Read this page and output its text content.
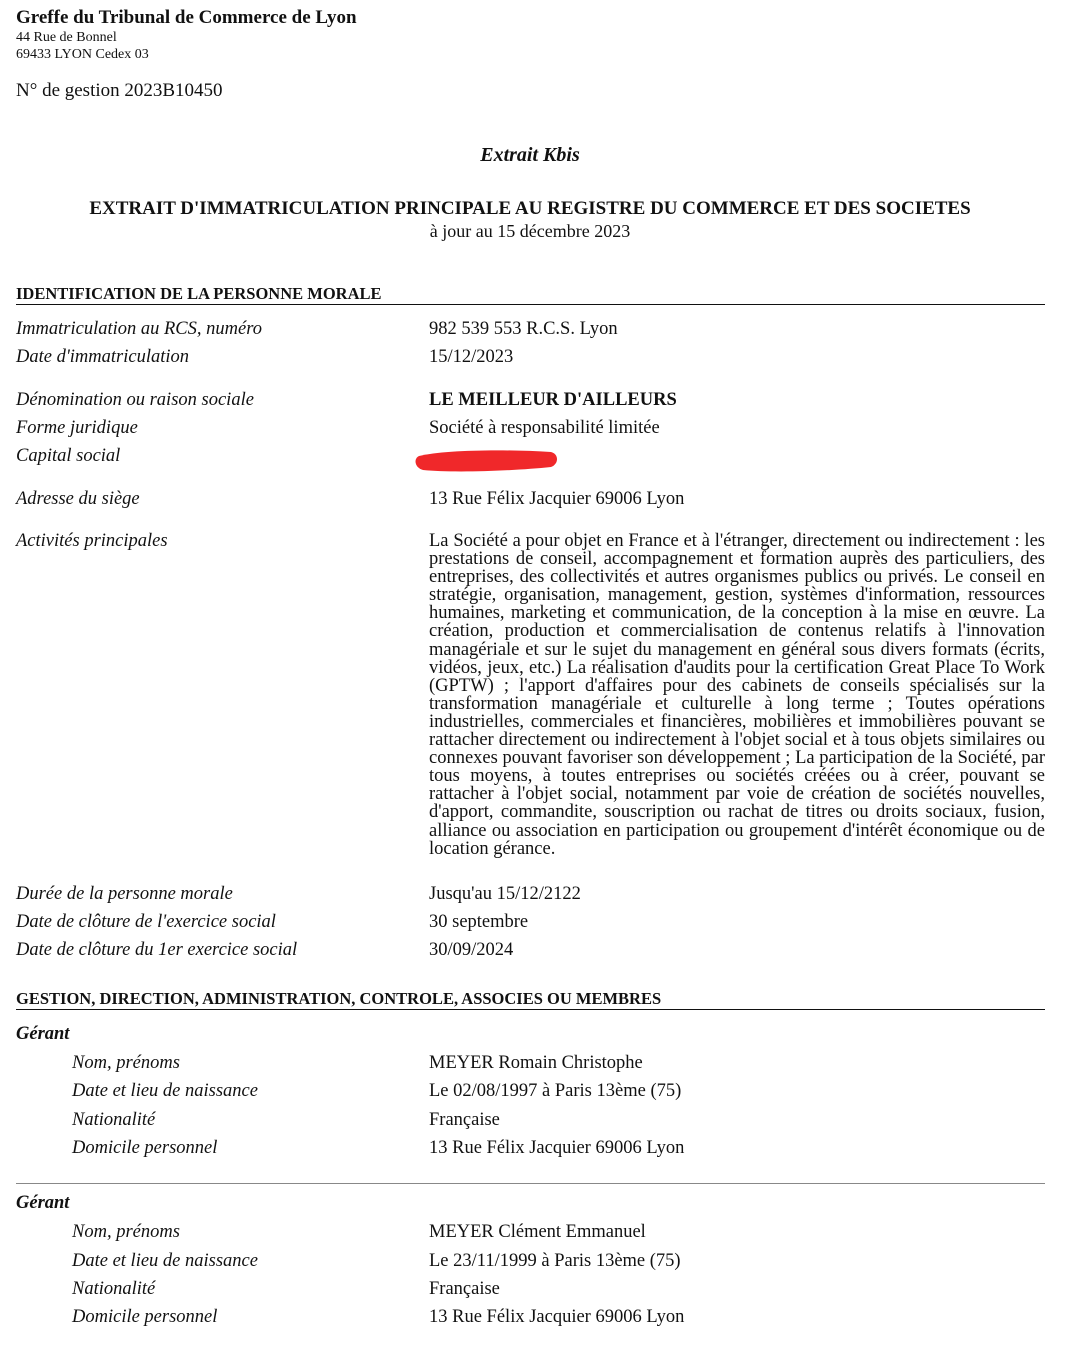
Greffe du Tribunal de Commerce de Lyon
44 Rue de Bonnel
69433 LYON Cedex 03
N° de gestion 2023B10450
Extrait Kbis
EXTRAIT D'IMMATRICULATION PRINCIPALE AU REGISTRE DU COMMERCE ET DES SOCIETES
à jour au 15 décembre 2023
IDENTIFICATION DE LA PERSONNE MORALE
Immatriculation au RCS, numéro	982 539 553 R.C.S. Lyon
Date d'immatriculation	15/12/2023
Dénomination ou raison sociale	LE MEILLEUR D'AILLEURS
Forme juridique	Société à responsabilité limitée
Capital social
Adresse du siège	13 Rue Félix Jacquier 69006 Lyon
Activités principales	La Société a pour objet en France et à l'étranger, directement ou indirectement : les prestations de conseil, accompagnement et formation auprès des particuliers, des entreprises, des collectivités et autres organismes publics ou privés. Le conseil en stratégie, organisation, management, gestion, systèmes d'information, ressources humaines, marketing et communication, de la conception à la mise en œuvre. La création, production et commercialisation de contenus relatifs à l'innovation managériale et sur le sujet du management en général sous divers formats (écrits, vidéos, jeux, etc.) La réalisation d'audits pour la certification Great Place To Work (GPTW) ; l'apport d'affaires pour des cabinets de conseils spécialisés sur la transformation managériale et culturelle à long terme ; Toutes opérations industrielles, commerciales et financières, mobilières et immobilières pouvant se rattacher directement ou indirectement à l'objet social et à tous objets similaires ou connexes pouvant favoriser son développement ; La participation de la Société, par tous moyens, à toutes entreprises ou sociétés créées ou à créer, pouvant se rattacher à l'objet social, notamment par voie de création de sociétés nouvelles, d'apport, commandite, souscription ou rachat de titres ou droits sociaux, fusion, alliance ou association en participation ou groupement d'intérêt économique ou de location gérance.
Durée de la personne morale	Jusqu'au 15/12/2122
Date de clôture de l'exercice social	30 septembre
Date de clôture du 1er exercice social	30/09/2024
GESTION, DIRECTION, ADMINISTRATION, CONTROLE, ASSOCIES OU MEMBRES
Gérant
Nom, prénoms	MEYER Romain Christophe
Date et lieu de naissance	Le 02/08/1997 à Paris 13ème (75)
Nationalité	Française
Domicile personnel	13 Rue Félix Jacquier 69006 Lyon
Gérant
Nom, prénoms	MEYER Clément Emmanuel
Date et lieu de naissance	Le 23/11/1999 à Paris 13ème (75)
Nationalité	Française
Domicile personnel	13 Rue Félix Jacquier 69006 Lyon
